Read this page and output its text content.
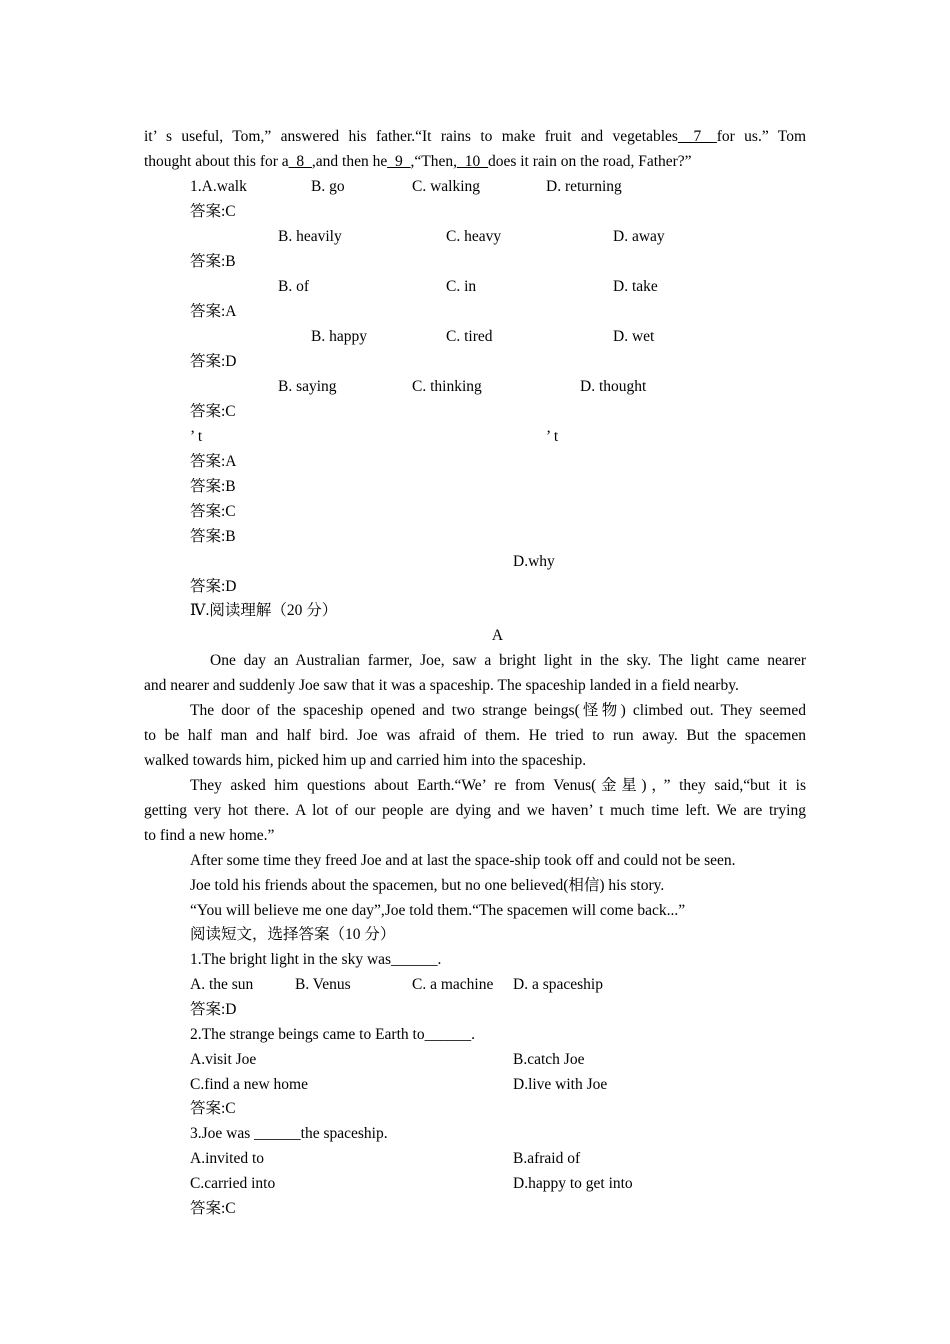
it’ s useful, Tom,” answered his father.“It rains to make fruit and vegetables__7__for us.” Tom
thought about this for a_8_,and then he_9_,“Then,_10_does it rain on the road, Father?”
1.A.walk	B. go	C. walking	D. returning
答案:C
B. heavily	C. heavy	D. away
答案:B
B. of	C. in	D. take
答案:A
B. happy	C. tired	D. wet
答案:D
B. saying	C. thinking	D. thought
答案:C
’ t	’ t
答案:A
答案:B
答案:C
答案:B
D.why
答案:D
Ⅳ.阅读理解（20 分）
A
One day an Australian farmer, Joe, saw a bright light in the sky. The light came nearer
and nearer and suddenly Joe saw that it was a spaceship. The spaceship landed in a field nearby.
The door of the spaceship opened and two strange beings(怪物) climbed out. They seemed
to be half man and half bird. Joe was afraid of them. He tried to run away. But the spacemen
walked towards him, picked him up and carried him into the spaceship.
They asked him questions about Earth.“We’ re from Venus(金星)，” they said,“but it is
getting very hot there. A lot of our people are dying and we haven’ t much time left. We are trying
to find a new home.”
After some time they freed Joe and at last the space-ship took off and could not be seen.
Joe told his friends about the spacemen, but no one believed(相信) his story.
“You will believe me one day”,Joe told them.“The spacemen will come back...”
阅读短文，选择答案（10 分）
1.The bright light in the sky was______.
A. the sun	B. Venus	C. a machine D. a spaceship
答案:D
2.The strange beings came to Earth to______.
A.visit Joe	B.catch Joe
C.find a new home	D.live with Joe
答案:C
3.Joe was ______the spaceship.
A.invited to	B.afraid of
C.carried into	D.happy to get into
答案:C
